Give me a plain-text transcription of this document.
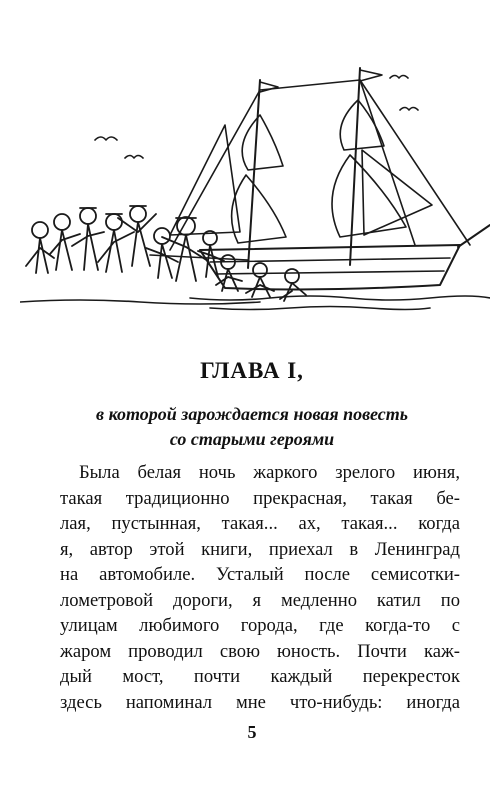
ГЛАВА I,
в которой зарождается новая повесть
со старыми героями
Была белая ночь жаркого зрелого июня,
такая традиционно прекрасная, такая бе-
лая, пустынная, такая... ах, такая... когда
я, автор этой книги, приехал в Ленинград
на автомобиле. Усталый после семисотки-
лометровой дороги, я медленно катил по
улицам любимого города, где когда-то с
жаром проводил свою юность. Почти каж-
дый мост, почти каждый перекресток
здесь напоминал мне что-нибудь: иногда
5
